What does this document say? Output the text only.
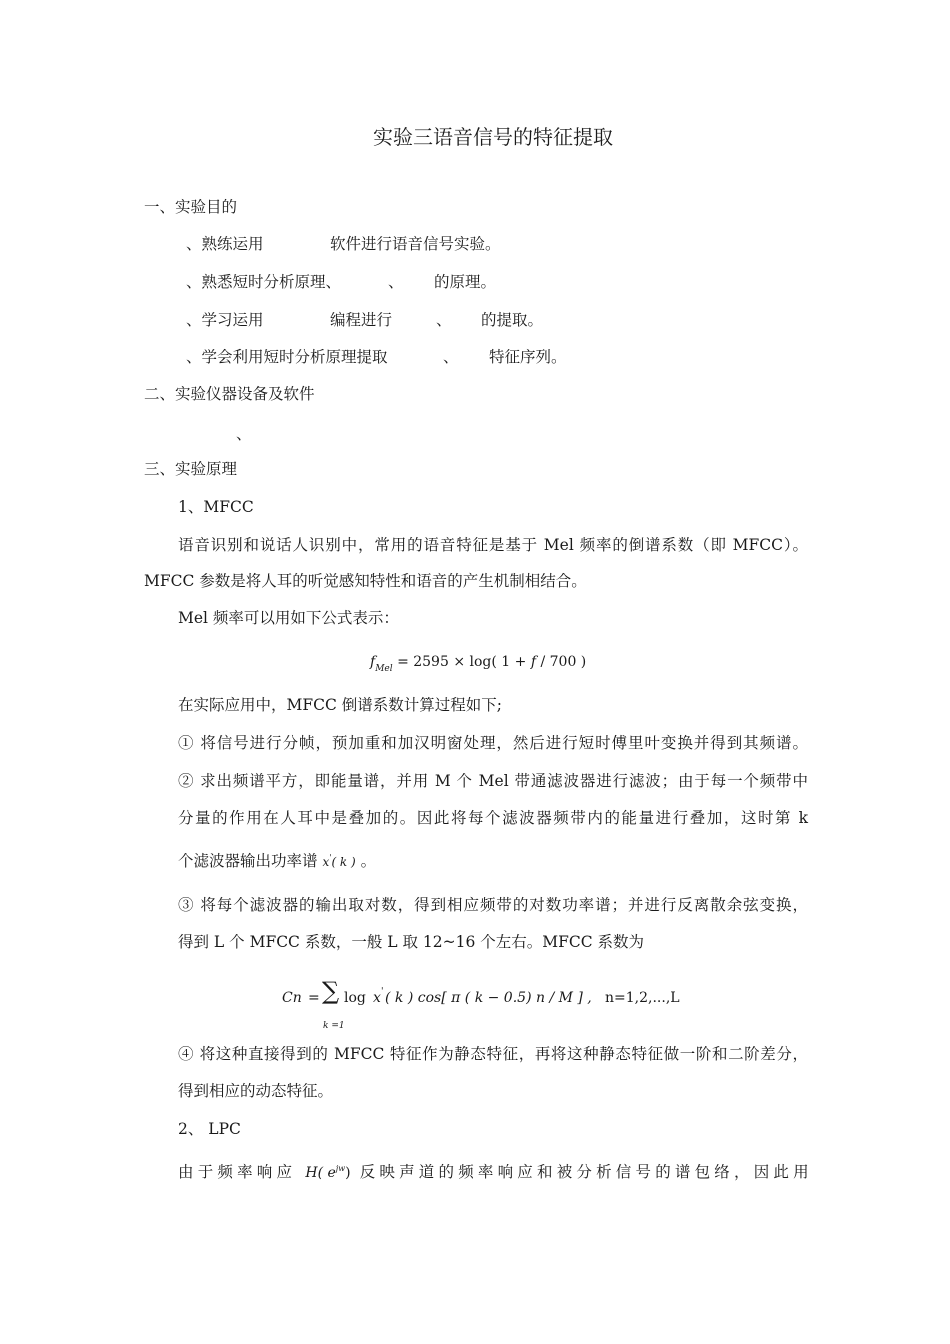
实验三语音信号的特征提取
一、实验目的
、熟练运用	软件进行语音信号实验。
、熟悉短时分析原理、	、 的原理。
、学习运用	编程进行	、 的提取。
、学会利用短时分析原理提取	、 特征序列。
二、实验仪器设备及软件
、
三、实验原理
1、MFCC
语音识别和说话人识别中，常用的语音特征是基于 Mel 频率的倒谱系数（即 MFCC）。
MFCC 参数是将人耳的听觉感知特性和语音的产生机制相结合。
Mel 频率可以用如下公式表示：
$f_{Mel} = 2595 \times \log$( 1 + f / 700 )
在实际应用中，MFCC 倒谱系数计算过程如下;
① 将信号进行分帧，预加重和加汉明窗处理，然后进行短时傅里叶变换并得到其频谱。
② 求出频谱平方，即能量谱，并用 M 个 Mel 带通滤波器进行滤波；由于每一个频带中
分量的作用在人耳中是叠加的。因此将每个滤波器频带内的能量进行叠加，这时第 k
个滤波器输出功率谱 x'( k ) 。
③ 将每个滤波器的输出取对数，得到相应频带的对数功率谱；并进行反离散余弦变换，
得到 L 个 MFCC 系数，一般 L 取 12~16 个左右。MFCC 系数为
Cn = ∑
k =1
log x ' ( k ) cos[ π ( k − 0.5) n / M ] , n=1,2,...,L
④ 将这种直接得到的 MFCC 特征作为静态特征，再将这种静态特征做一阶和二阶差分，
得到相应的动态特征。
2、 LPC
由于频率响应 H( $e^{jw}$) 反映声道的频率响应和被分析信号的谱包络，因此用
